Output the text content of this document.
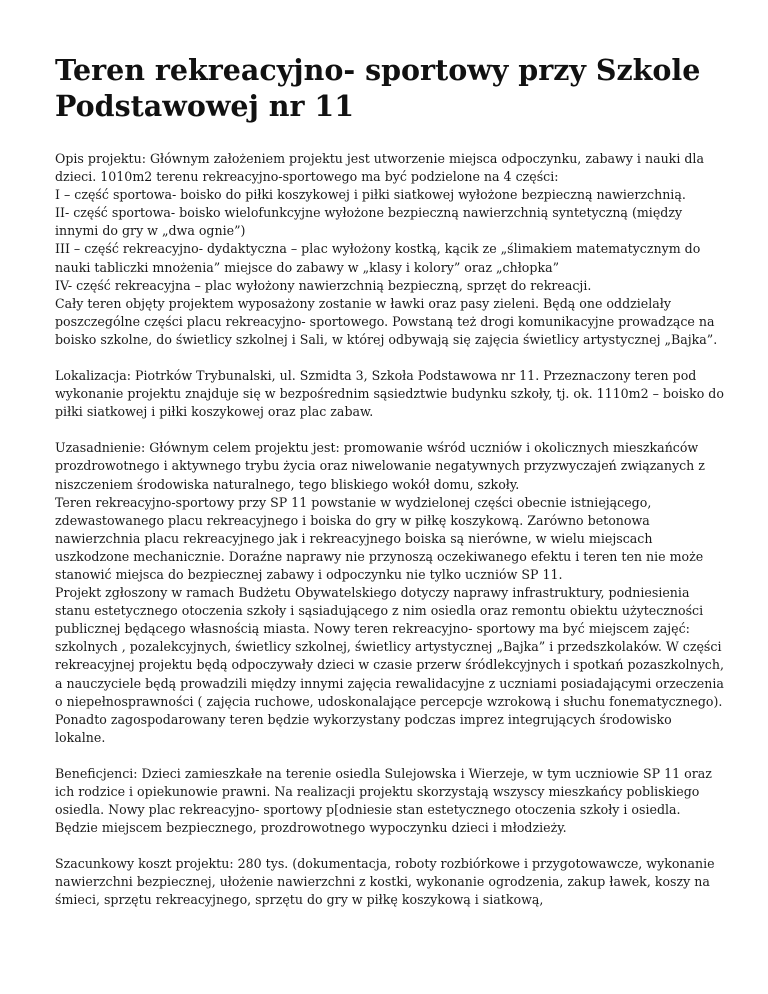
Teren rekreacyjno- sportowy przy Szkole Podstawowej nr 11

Opis projektu: Głównym założeniem projektu jest utworzenie miejsca odpoczynku, zabawy i nauki dla dzieci. 1010m2 terenu rekreacyjno-sportowego ma być podzielone na 4 części:
I – część sportowa- boisko do piłki koszykowej i piłki siatkowej wyłożone bezpieczną nawierzchnią.
II- część sportowa- boisko wielofunkcyjne wyłożone bezpieczną nawierzchnią syntetyczną (między innymi do gry w „dwa ognie”)
III – część rekreacyjno- dydaktyczna – plac wyłożony kostką, kącik ze „ślimakiem matematycznym do nauki tabliczki mnożenia” miejsce do zabawy w „klasy i kolory” oraz „chłopka”
IV- część rekreacyjna – plac wyłożony nawierzchnią bezpieczną, sprzęt do rekreacji.
Cały teren objęty projektem wyposażony zostanie w ławki oraz pasy zieleni. Będą one oddzielały poszczególne części placu rekreacyjno- sportowego. Powstaną też drogi komunikacyjne prowadzące na boisko szkolne, do świetlicy szkolnej i Sali, w której odbywają się zajęcia świetlicy artystycznej „Bajka”.

Lokalizacja: Piotrków Trybunalski, ul. Szmidta 3, Szkoła Podstawowa nr 11. Przeznaczony teren pod wykonanie projektu znajduje się w bezpośrednim sąsiedztwie budynku szkoły, tj. ok. 1110m2 – boisko do piłki siatkowej i piłki koszykowej oraz plac zabaw.

Uzasadnienie: Głównym celem projektu jest: promowanie wśród uczniów i okolicznych mieszkańców prozdrowotnego i aktywnego trybu życia oraz niwelowanie negatywnych przyzwyczajeń związanych z niszczeniem środowiska naturalnego, tego bliskiego wokół domu, szkoły.
Teren rekreacyjno-sportowy przy SP 11 powstanie w wydzielonej części obecnie istniejącego, zdewastowanego placu rekreacyjnego i boiska do gry w piłkę koszykową. Zarówno betonowa nawierzchnia placu rekreacyjnego jak i rekreacyjnego boiska są nierówne, w wielu miejscach uszkodzone mechanicznie. Doraźne naprawy nie przynoszą oczekiwanego efektu i teren ten nie może stanowić miejsca do bezpiecznej zabawy i odpoczynku nie tylko uczniów SP 11.
Projekt zgłoszony w ramach Budżetu Obywatelskiego dotyczy naprawy infrastruktury, podniesienia stanu estetycznego otoczenia szkoły i sąsiadującego z nim osiedla oraz remontu obiektu użyteczności publicznej będącego własnością miasta. Nowy teren rekreacyjno- sportowy ma być miejscem zajęć: szkolnych , pozalekcyjnych, świetlicy szkolnej, świetlicy artystycznej „Bajka” i przedszkolaków. W części rekreacyjnej projektu będą odpoczywały dzieci w czasie przerw śródlekcyjnych i spotkań pozaszkolnych, a nauczyciele będą prowadzili między innymi zajęcia rewalidacyjne z uczniami posiadającymi orzeczenia o niepełnosprawności ( zajęcia ruchowe, udoskonalające percepcje wzrokową i słuchu fonematycznego). Ponadto zagospodarowany teren będzie wykorzystany podczas imprez integrujących środowisko lokalne.

Beneficjenci: Dzieci zamieszkałe na terenie osiedla Sulejowska i Wierzeje, w tym uczniowie SP 11 oraz ich rodzice i opiekunowie prawni. Na realizacji projektu skorzystają wszyscy mieszkańcy pobliskiego osiedla. Nowy plac rekreacyjno- sportowy p[odniesie stan estetycznego otoczenia szkoły i osiedla. Będzie miejscem bezpiecznego, prozdrowotnego wypoczynku dzieci i młodzieży.

Szacunkowy koszt projektu: 280 tys. (dokumentacja, roboty rozbiórkowe i przygotowawcze, wykonanie nawierzchni bezpiecznej, ułożenie nawierzchni z kostki, wykonanie ogrodzenia, zakup ławek, koszy na śmieci, sprzętu rekreacyjnego, sprzętu do gry w piłkę koszykową i siatkową,
